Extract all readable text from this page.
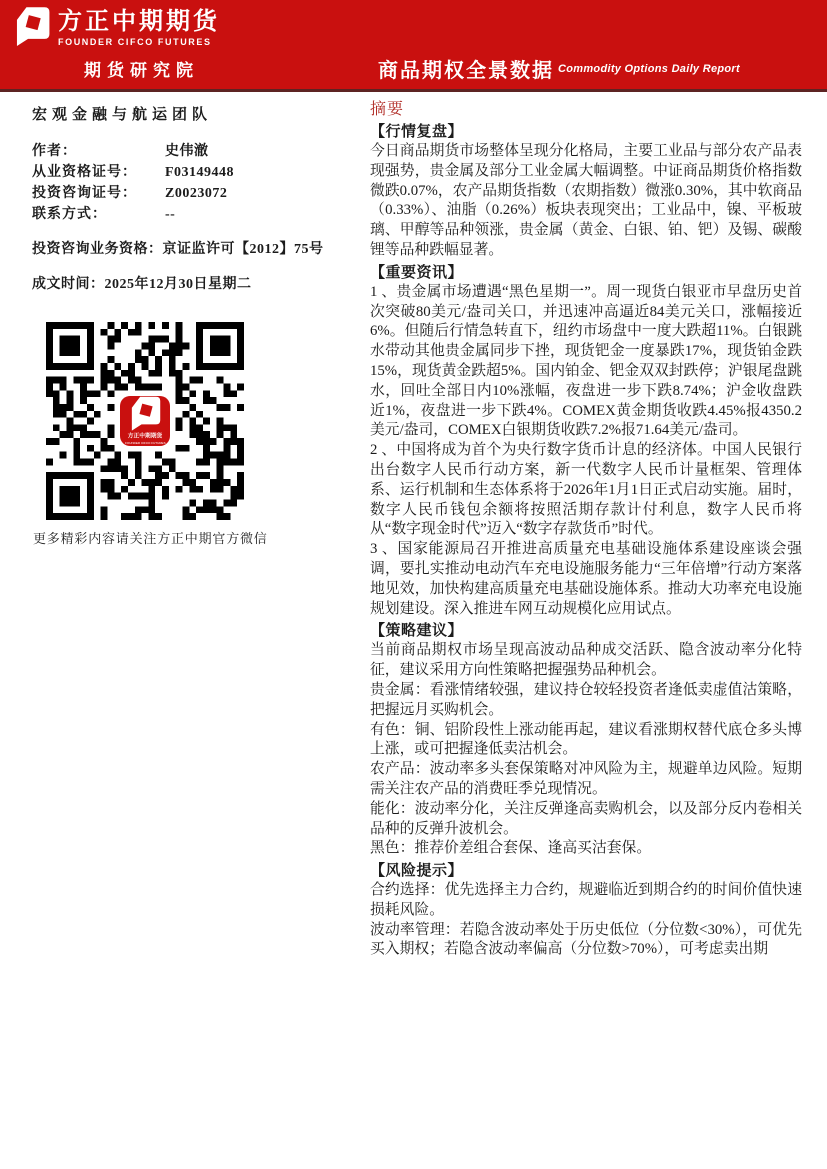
方正中期期货
FOUNDER CIFCO FUTURES
期货研究院	商品期权全景数据 Commodity Options Daily Report
宏观金融与航运团队
作者：	史伟澈
从业资格证号：	F03149448
投资咨询证号：	Z0023072
联系方式：	--
投资咨询业务资格：京证监许可【2012】75号
成文时间：2025年12月30日星期二
方正中期期货
FOUNDER CIFCO FUTURES
更多精彩内容请关注方正中期官方微信
摘要
【行情复盘】

今日商品期货市场整体呈现分化格局，主要工业品与部分农产品表现强势，贵金属及部分工业金属大幅调整。中证商品期货价格指数微跌0.07%，农产品期货指数（农期指数）微涨0.30%，其中软商品（0.33%）、油脂（0.26%）板块表现突出；工业品中，镍、平板玻璃、甲醇等品种领涨，贵金属（黄金、白银、铂、钯）及锡、碳酸锂等品种跌幅显著。

【重要资讯】

1 、贵金属市场遭遇“黑色星期一”。周一现货白银亚市早盘历史首次突破80美元/盎司关口，并迅速冲高逼近84美元关口，涨幅接近6%。但随后行情急转直下，纽约市场盘中一度大跌超11%。白银跳水带动其他贵金属同步下挫，现货钯金一度暴跌17%，现货铂金跌15%，现货黄金跌超5%。国内铂金、钯金双双封跌停；沪银尾盘跳水，回吐全部日内10%涨幅，夜盘进一步下跌8.74%；沪金收盘跌近1%，夜盘进一步下跌4%。COMEX黄金期货收跌4.45%报4350.2美元/盎司，COMEX白银期货收跌7.2%报71.64美元/盎司。

2 、中国将成为首个为央行数字货币计息的经济体。中国人民银行出台数字人民币行动方案，新一代数字人民币计量框架、管理体系、运行机制和生态体系将于2026年1月1日正式启动实施。届时，数字人民币钱包余额将按照活期存款计付利息，数字人民币将从“数字现金时代”迈入“数字存款货币”时代。

3 、国家能源局召开推进高质量充电基础设施体系建设座谈会强调，要扎实推动电动汽车充电设施服务能力“三年倍增”行动方案落地见效，加快构建高质量充电基础设施体系。推动大功率充电设施规划建设。深入推进车网互动规模化应用试点。

【策略建议】

当前商品期权市场呈现高波动品种成交活跃、隐含波动率分化特征，建议采用方向性策略把握强势品种机会。

贵金属：看涨情绪较强，建议持仓较轻投资者逢低卖虚值沽策略，把握远月买购机会。

有色：铜、铝阶段性上涨动能再起，建议看涨期权替代底仓多头博上涨，或可把握逢低卖沽机会。

农产品：波动率多头套保策略对冲风险为主，规避单边风险。短期需关注农产品的消费旺季兑现情况。

能化：波动率分化，关注反弹逢高卖购机会，以及部分反内卷相关品种的反弹升波机会。

黑色：推荐价差组合套保、逢高买沽套保。

【风险提示】

合约选择：优先选择主力合约，规避临近到期合约的时间价值快速损耗风险。

波动率管理：若隐含波动率处于历史低位（分位数<30%），可优先买入期权；若隐含波动率偏高（分位数>70%），可考虑卖出期
